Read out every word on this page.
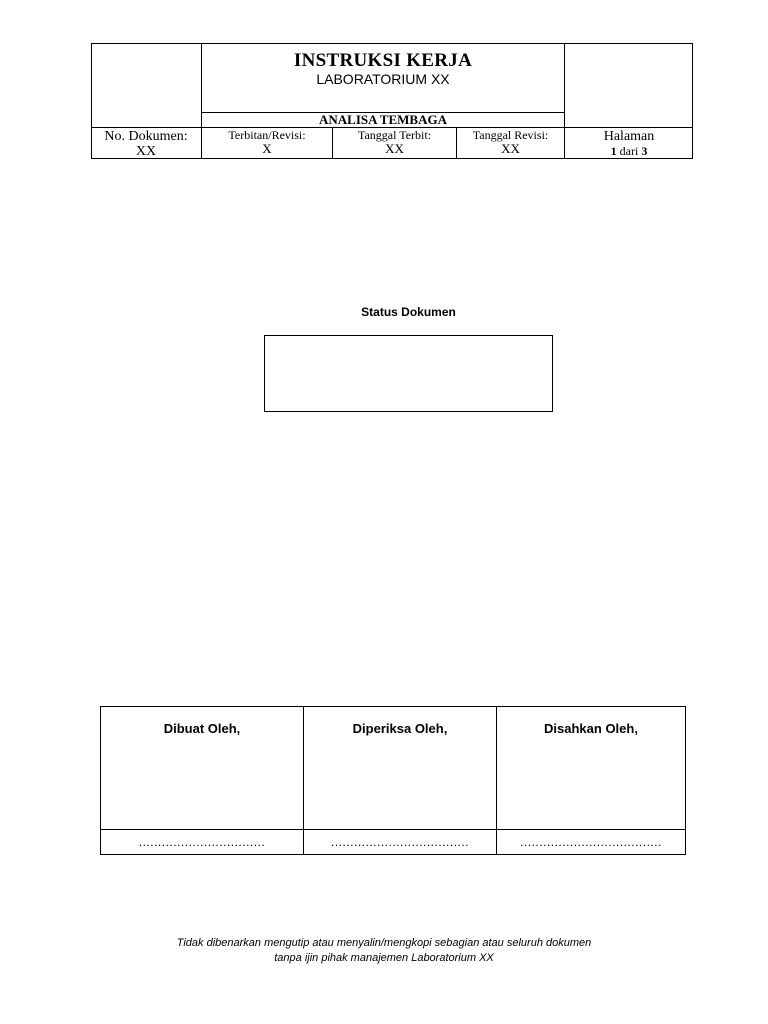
INSTRUKSI KERJA
LABORATORIUM XX
ANALISA TEMBAGA
No. Dokumen:
XX
Terbitan/Revisi:
X
Tanggal Terbit:
XX
Tanggal Revisi:
XX
Halaman
1 dari 3
Status Dokumen
Dibuat Oleh,	Diperiksa Oleh,	Disahkan Oleh,
.................................	....................................	.....................................
Tidak dibenarkan mengutip atau menyalin/mengkopi sebagian atau seluruh dokumen
tanpa ijin pihak manajemen Laboratorium XX
